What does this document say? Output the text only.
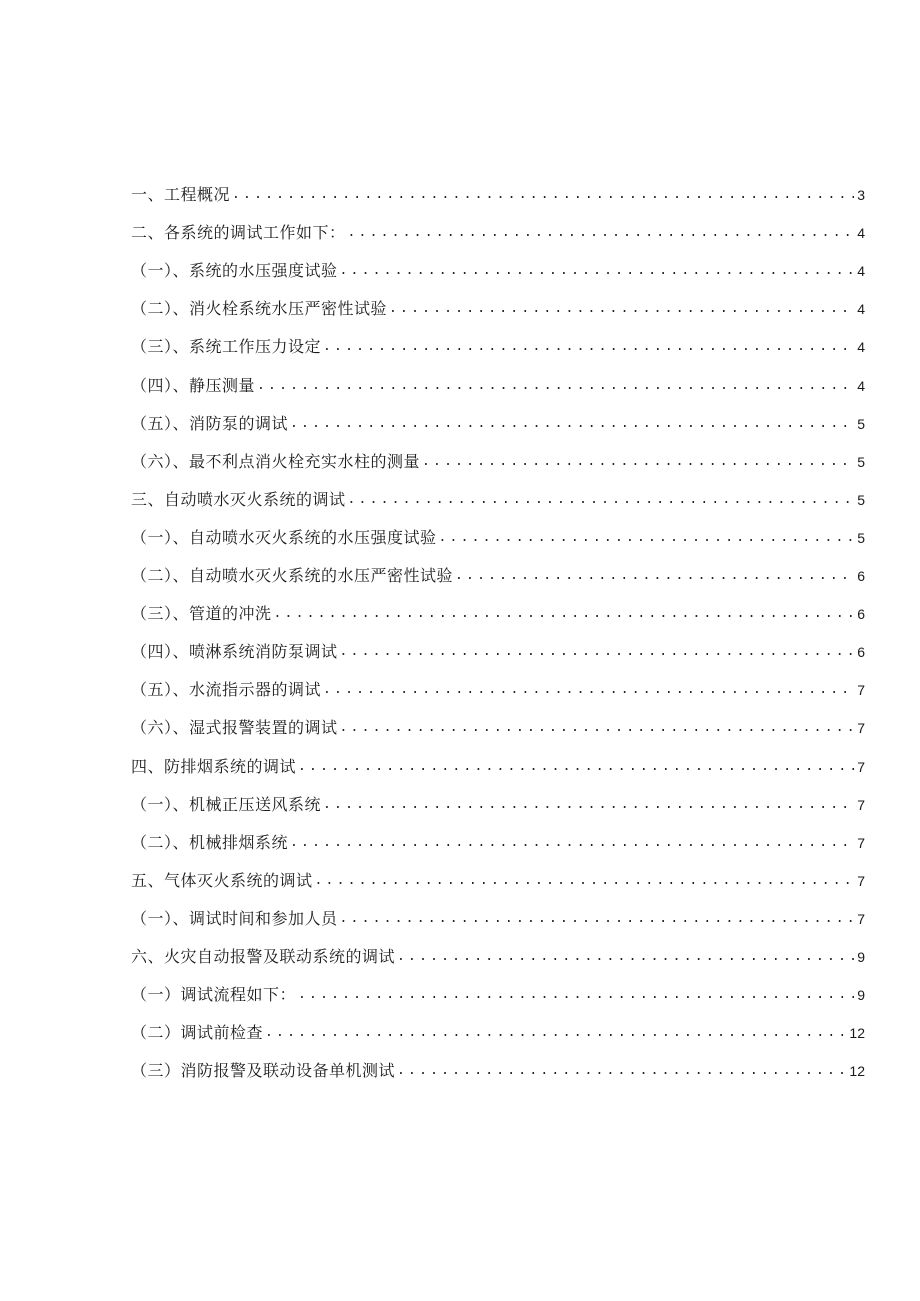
一、工程概况 .....	3
二、各系统的调试工作如下： .....	4
（一）、系统的水压强度试验 .....	4
（二）、消火栓系统水压严密性试验 .....	4
（三）、系统工作压力设定 .....	4
（四）、静压测量 .....	4
（五）、消防泵的调试 .....	5
（六）、最不利点消火栓充实水柱的测量 .....	5
三、自动喷水灭火系统的调试 .....	5
（一）、自动喷水灭火系统的水压强度试验 .....	5
（二）、自动喷水灭火系统的水压严密性试验 .....	6
（三）、管道的冲洗 .....	6
（四）、喷淋系统消防泵调试 .....	6
（五）、水流指示器的调试 .....	7
（六）、湿式报警装置的调试 .....	7
四、防排烟系统的调试 .....	7
（一）、机械正压送风系统 .....	7
（二）、机械排烟系统 .....	7
五、气体灭火系统的调试 .....	7
（一）、调试时间和参加人员 .....	7
六、火灾自动报警及联动系统的调试 .....	9
（一）调试流程如下： .....	9
（二）调试前检查 .....	12
（三）消防报警及联动设备单机测试 .....	12
